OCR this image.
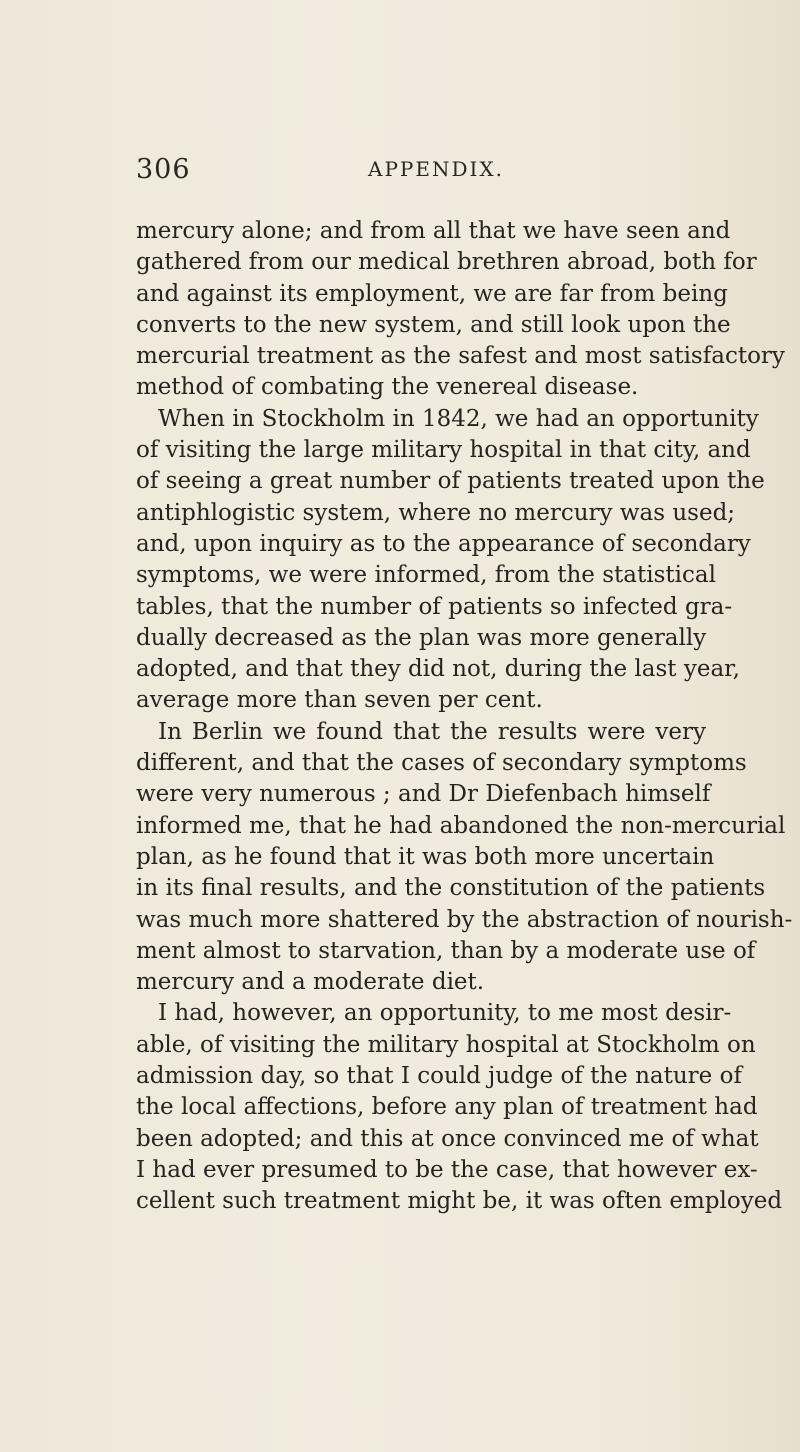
306	APPENDIX.
mercury alone; and from all that we have seen and
gathered from our medical brethren abroad, both for
and against its employment, we are far from being
converts to the new system, and still look upon the
mercurial treatment as the safest and most satisfactory
method of combating the venereal disease.
When in Stockholm in 1842, we had an opportunity
of visiting the large military hospital in that city, and
of seeing a great number of patients treated upon the
antiphlogistic system, where no mercury was used;
and, upon inquiry as to the appearance of secondary
symptoms, we were informed, from the statistical
tables, that the number of patients so infected gra-
dually decreased as the plan was more generally
adopted, and that they did not, during the last year,
average more than seven per cent.
In Berlin we found that the results were very
different, and that the cases of secondary symptoms
were very numerous ; and Dr Diefenbach himself
informed me, that he had abandoned the non-mercurial
plan, as he found that it was both more uncertain
in its final results, and the constitution of the patients
was much more shattered by the abstraction of nourish-
ment almost to starvation, than by a moderate use of
mercury and a moderate diet.
I had, however, an opportunity, to me most desir-
able, of visiting the military hospital at Stockholm on
admission day, so that I could judge of the nature of
the local affections, before any plan of treatment had
been adopted; and this at once convinced me of what
I had ever presumed to be the case, that however ex-
cellent such treatment might be, it was often employed
